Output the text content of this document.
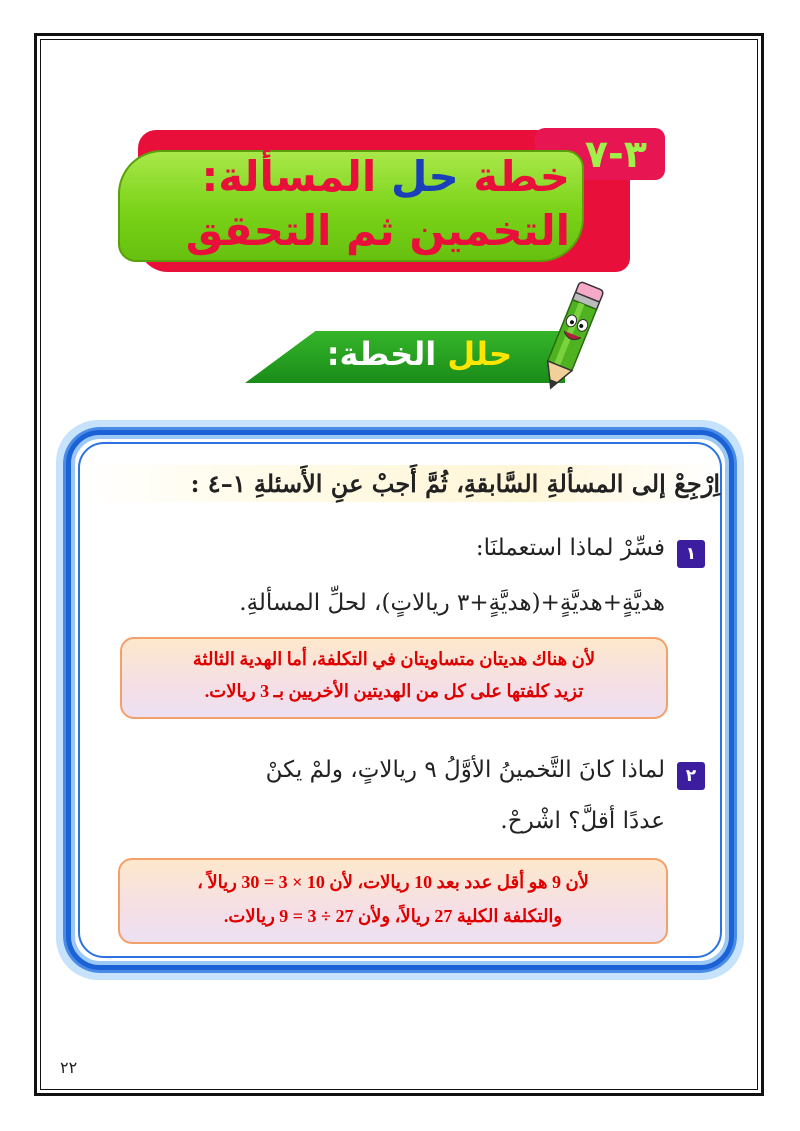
٣-٧
خطة حل المسألة:
التخمين ثم التحقق
حلل الخطة:
اِرْجِعْ إلى المسألةِ السَّابقةِ، ثُمَّ أَجبْ عنِ الأَسئلةِ ١–٤ :
١
فسِّرْ لماذا استعملنَا:
هديَّةٍ+هديَّةٍ+(هديَّةٍ+٣ ريالاتٍ)، لحلِّ المسألةِ.
لأن هناك هديتان متساويتان في التكلفة، أما الهدية الثالثة
تزيد كلفتها على كل من الهديتين الأخريين بـ 3 ريالات.
٢
لماذا كانَ التَّخمينُ الأوَّلُ ٩ ريالاتٍ، ولمْ يكنْ
عددًا أقلَّ؟ اشْرحْ.
لأن 9 هو أقل عدد بعد 10 ريالات، لأن 10 × 3 = 30 ريالاً ،
والتكلفة الكلية 27 ريالاً، ولأن 27 ÷ 3 = 9 ريالات.
٢٢
